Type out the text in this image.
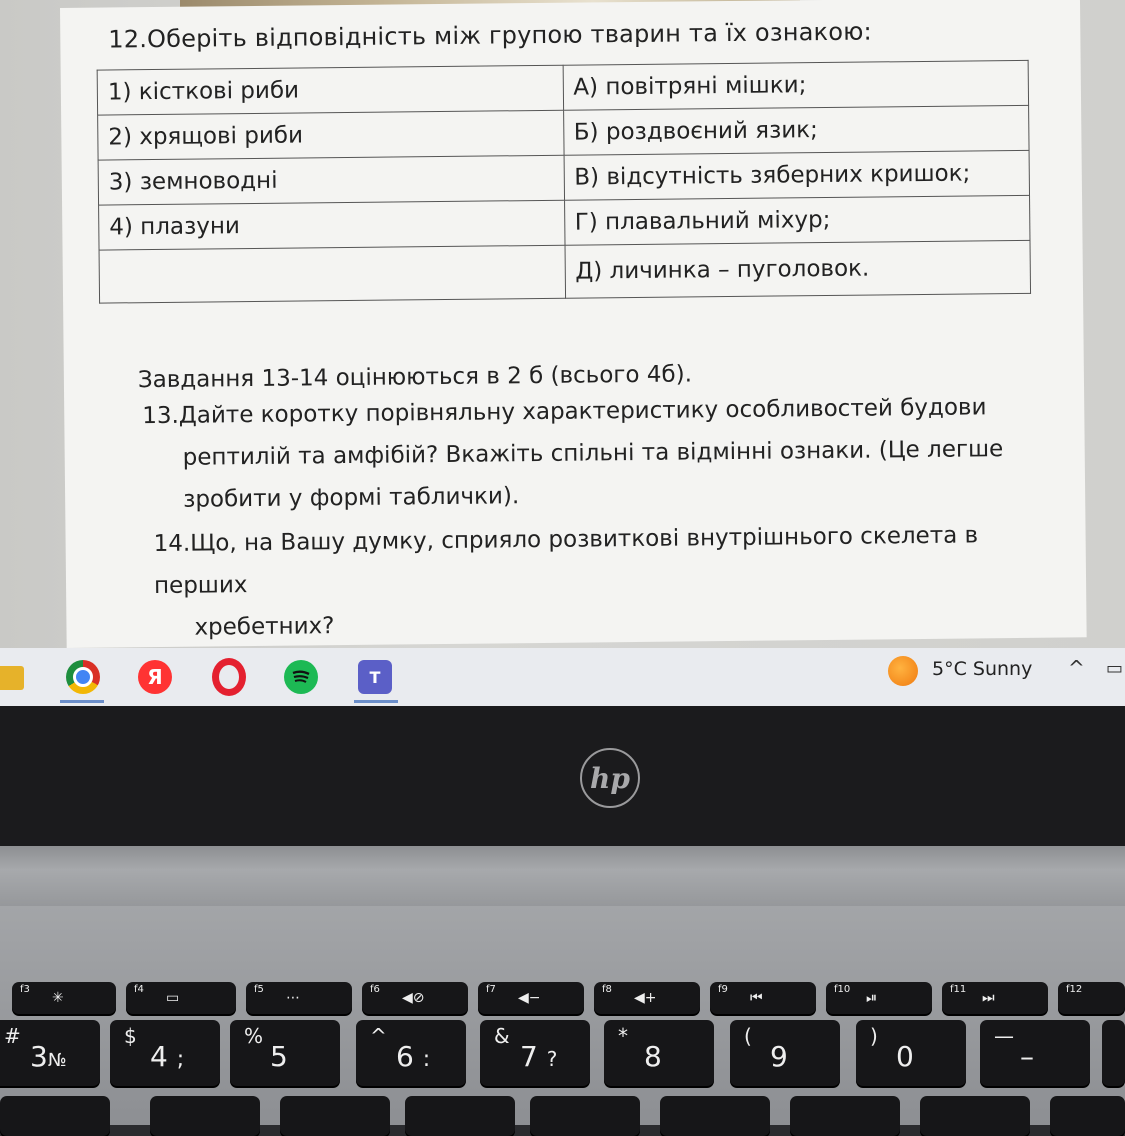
12.Оберіть відповідність між групою тварин та їх ознакою:
1) кісткові риби	А) повітряні мішки;
2) хрящові риби	Б) роздвоєний язик;
3) земноводні	В) відсутність зяберних кришок;
4) плазуни	Г) плавальний міхур;
	Д) личинка – пуголовок.
Завдання 13-14 оцінюються в 2 б (всього 4б).
13.Дайте коротку порівняльну характеристику особливостей будови
рептилій та амфібій? Вкажіть спільні та відмінні ознаки. (Це легше
зробити у формі таблички).
14.Що, на Вашу думку, сприяло розвиткові внутрішнього скелета в перших
хребетних?
Я	T	5°C Sunny ^ ▭
hp
f3
✳
f4
▭
f5
⋯
f6
◀⊘
f7
◀−
f8
◀+
f9
⏮
f10
⏯
f11
⏭
f12
#
3№
$
4 ;
%
5
^
6 :
&
7 ?
*
8
(
9
)
0
—
–
